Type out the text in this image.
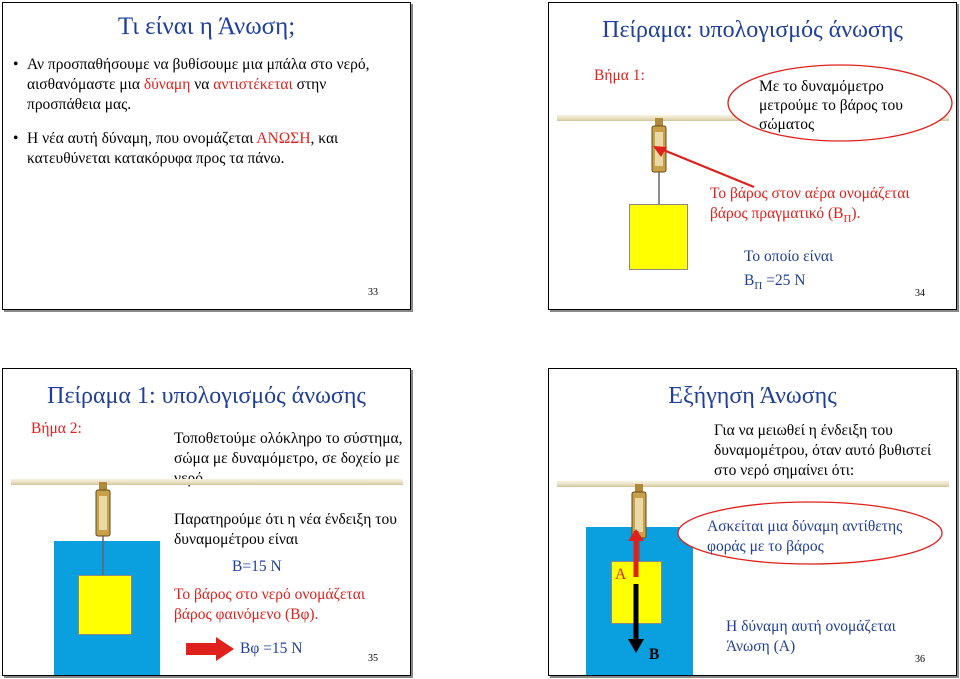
Τι είναι η Άνωση;
• Αν προσπαθήσουμε να βυθίσουμε μια μπάλα στο νερό, αισθανόμαστε μια δύναμη να αντιστέκεται στην προσπάθεια μας.
• Η νέα αυτή δύναμη, που ονομάζεται ΑΝΩΣΗ, και κατευθύνεται κατακόρυφα προς τα πάνω.
33
Πείραμα: υπολογισμός άνωσης
Βήμα 1:
Με το δυναμόμετρο μετρούμε το βάρος του σώματος
Το βάρος στον αέρα ονομάζεται βάρος πραγματικό $(B_\Pi)$.
Το οποίο είναι
$B_\Pi =25$ Ν
34
Πείραμα 1: υπολογισμός άνωσης
Βήμα 2:
Τοποθετούμε ολόκληρο το σύστημα, σώμα με δυναμόμετρο, σε δοχείο με
Παρατηρούμε ότι η νέα ένδειξη του δυναμομέτρου είναι
Β=15 Ν
Το βάρος στο νερό ονομάζεται βάρος φαινόμενο (Βφ).
Βφ =15 Ν
35
Εξήγηση Άνωσης
Για να μειωθεί η ένδειξη του δυναμομέτρου, όταν αυτό βυθιστεί στο νερό σημαίνει ότι:
Α
Β
Ασκείται μια δύναμη αντίθετης φοράς με το βάρος
Η δύναμη αυτή ονομάζεται Άνωση (Α)
36
